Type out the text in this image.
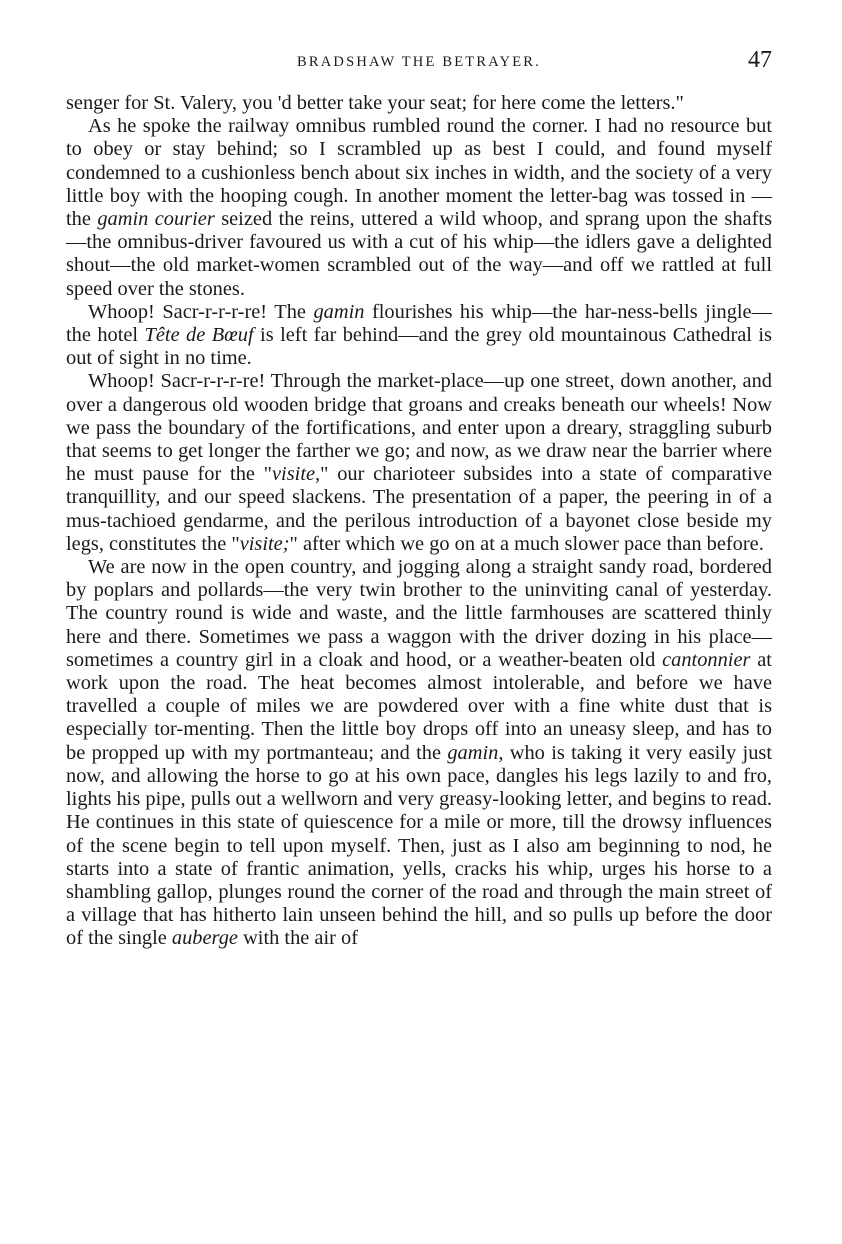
BRADSHAW THE BETRAYER.	47

senger for St. Valery, you 'd better take your seat; for here come the letters."

As he spoke the railway omnibus rumbled round the corner. I had no resource but to obey or stay behind; so I scrambled up as best I could, and found myself condemned to a cushionless bench about six inches in width, and the society of a very little boy with the hooping cough. In another moment the letter-bag was tossed in —the gamin courier seized the reins, uttered a wild whoop, and sprang upon the shafts—the omnibus-driver favoured us with a cut of his whip—the idlers gave a delighted shout—the old market-women scrambled out of the way—and off we rattled at full speed over the stones.

Whoop! Sacr-r-r-r-re! The gamin flourishes his whip—the har-ness-bells jingle—the hotel Tête de Bœuf is left far behind—and the grey old mountainous Cathedral is out of sight in no time.

Whoop! Sacr-r-r-r-re! Through the market-place—up one street, down another, and over a dangerous old wooden bridge that groans and creaks beneath our wheels! Now we pass the boundary of the fortifications, and enter upon a dreary, straggling suburb that seems to get longer the farther we go; and now, as we draw near the barrier where he must pause for the "visite," our charioteer subsides into a state of comparative tranquillity, and our speed slackens. The presentation of a paper, the peering in of a mus-tachioed gendarme, and the perilous introduction of a bayonet close beside my legs, constitutes the "visite;" after which we go on at a much slower pace than before.

We are now in the open country, and jogging along a straight sandy road, bordered by poplars and pollards—the very twin brother to the uninviting canal of yesterday. The country round is wide and waste, and the little farmhouses are scattered thinly here and there. Sometimes we pass a waggon with the driver dozing in his place—sometimes a country girl in a cloak and hood, or a weather-beaten old cantonnier at work upon the road. The heat becomes almost intolerable, and before we have travelled a couple of miles we are powdered over with a fine white dust that is especially tor-menting. Then the little boy drops off into an uneasy sleep, and has to be propped up with my portmanteau; and the gamin, who is taking it very easily just now, and allowing the horse to go at his own pace, dangles his legs lazily to and fro, lights his pipe, pulls out a wellworn and very greasy-looking letter, and begins to read. He continues in this state of quiescence for a mile or more, till the drowsy influences of the scene begin to tell upon myself. Then, just as I also am beginning to nod, he starts into a state of frantic animation, yells, cracks his whip, urges his horse to a shambling gallop, plunges round the corner of the road and through the main street of a village that has hitherto lain unseen behind the hill, and so pulls up before the door of the single auberge with the air of
